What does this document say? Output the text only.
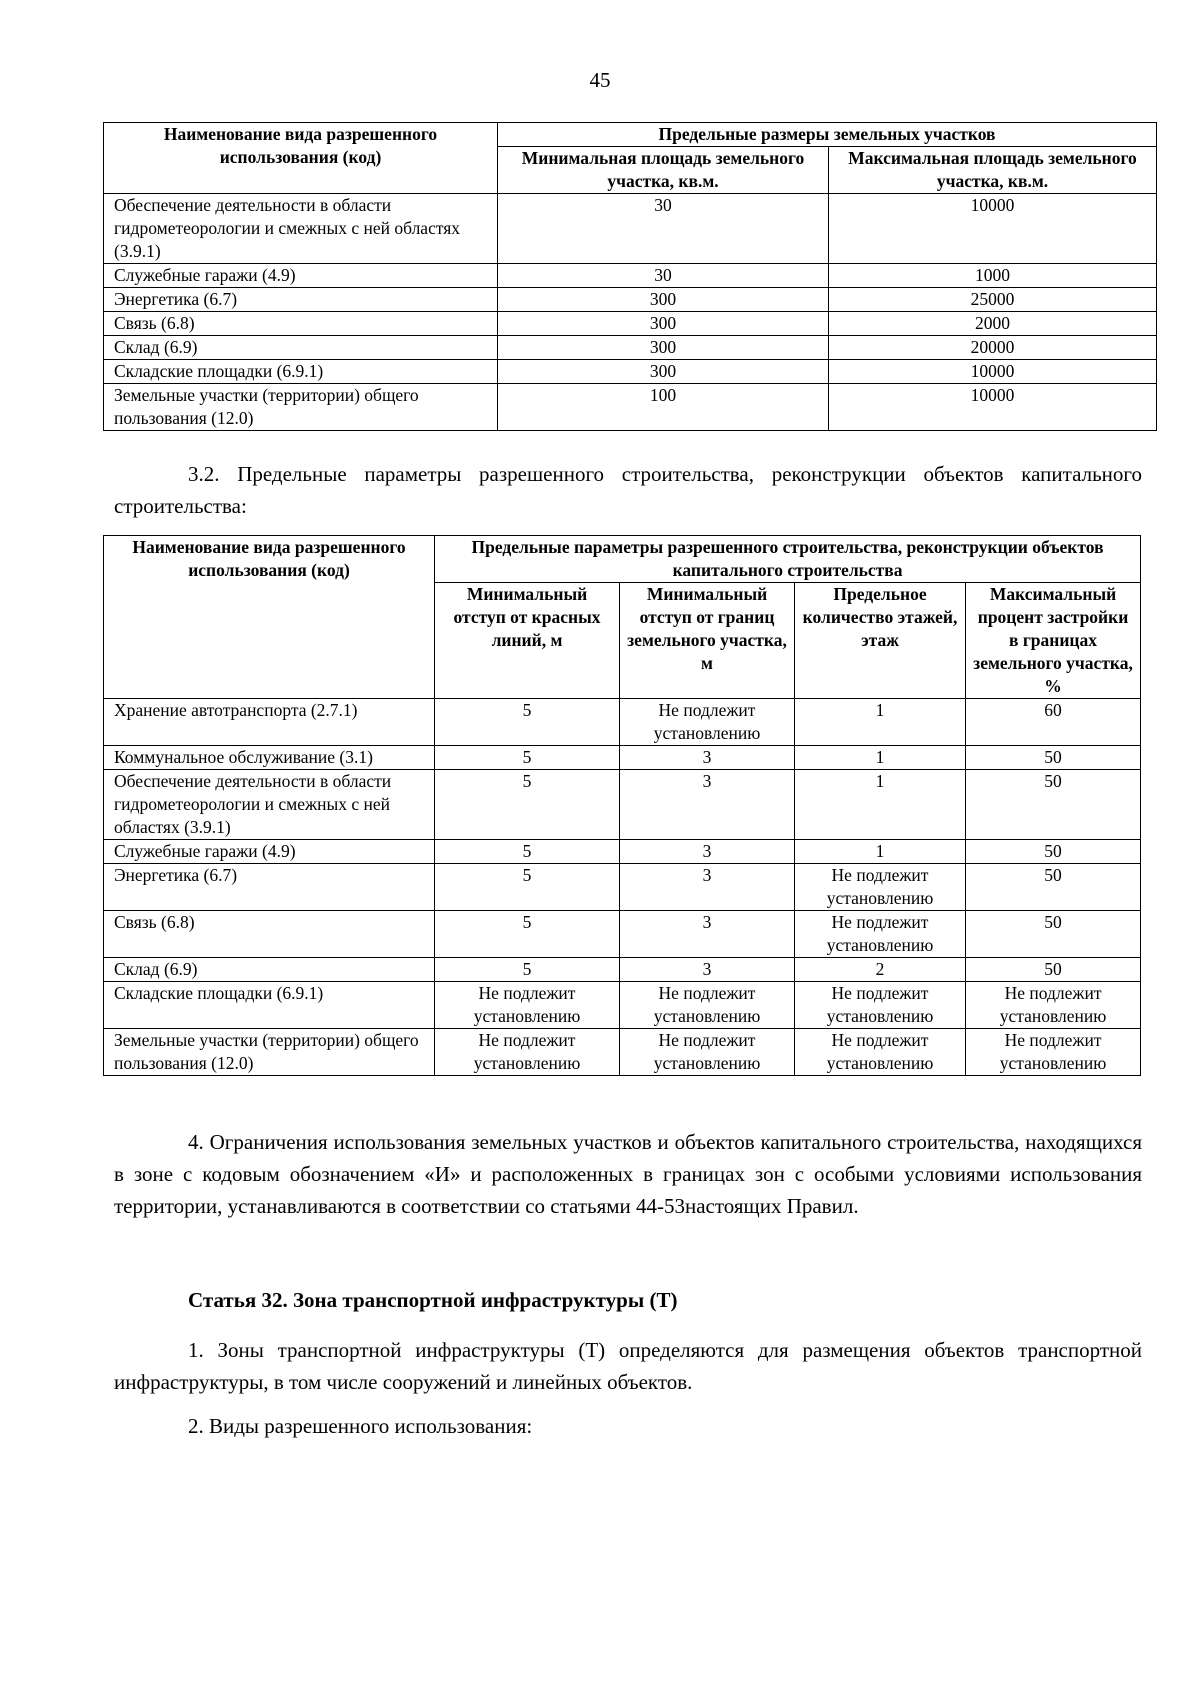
45
Наименование вида разрешенного использования (код)	Предельные размеры земельных участков	
	Минимальная площадь земельного участка, кв.м.	Максимальная площадь земельного участка, кв.м.
Обеспечение деятельности в области гидрометеорологии и смежных с ней областях (3.9.1)	30	10000
Служебные гаражи (4.9)	30	1000
Энергетика (6.7)	300	25000
Связь (6.8)	300	2000
Склад (6.9)	300	20000
Складские площадки (6.9.1)	300	10000
Земельные участки (территории) общего пользования (12.0)	100	10000

3.2. Предельные параметры разрешенного строительства, реконструкции объектов капитального строительства:

Наименование вида разрешенного использования (код)	Предельные параметры разрешенного строительства, реконструкции объектов капитального строительства			
	Минимальный отступ от красных линий, м	Минимальный отступ от границ земельного участка, м	Предельное количество этажей, этаж	Максимальный процент застройки в границах земельного участка, %
Хранение автотранспорта (2.7.1)	5	Не подлежит установлению	1	60
Коммунальное обслуживание (3.1)	5	3	1	50
Обеспечение деятельности в области гидрометеорологии и смежных с ней областях (3.9.1)	5	3	1	50
Служебные гаражи (4.9)	5	3	1	50
Энергетика (6.7)	5	3	Не подлежит установлению	50
Связь (6.8)	5	3	Не подлежит установлению	50
Склад (6.9)	5	3	2	50
Складские площадки (6.9.1)	Не подлежит установлению	Не подлежит установлению	Не подлежит установлению	Не подлежит установлению
Земельные участки (территории) общего пользования (12.0)	Не подлежит установлению	Не подлежит установлению	Не подлежит установлению	Не подлежит установлению

4. Ограничения использования земельных участков и объектов капитального строительства, находящихся в зоне с кодовым обозначением «И» и расположенных в границах зон с особыми условиями использования территории, устанавливаются в соответствии со статьями 44-53настоящих Правил.

Статья 32. Зона транспортной инфраструктуры (Т)

1. Зоны транспортной инфраструктуры (Т) определяются для размещения объектов транспортной инфраструктуры, в том числе сооружений и линейных объектов.

2. Виды разрешенного использования:
